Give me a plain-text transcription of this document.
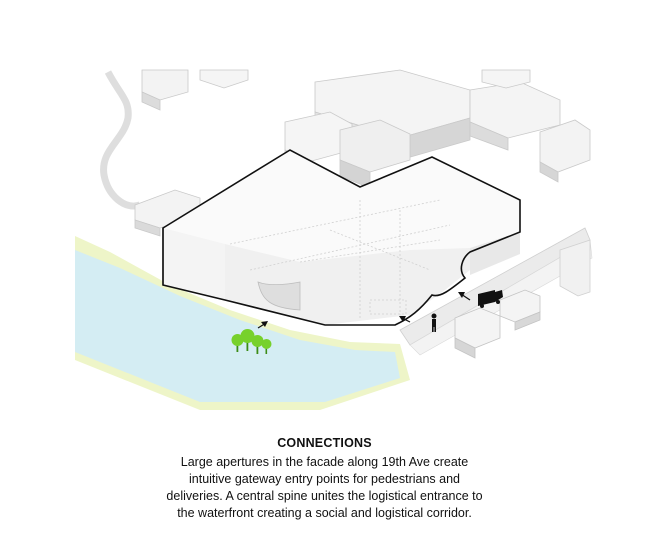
CONNECTIONS
Large apertures in the facade along 19th Ave create
intuitive gateway entry points for pedestrians and
deliveries. A central spine unites the logistical entrance to
the waterfront creating a social and logistical corridor.
